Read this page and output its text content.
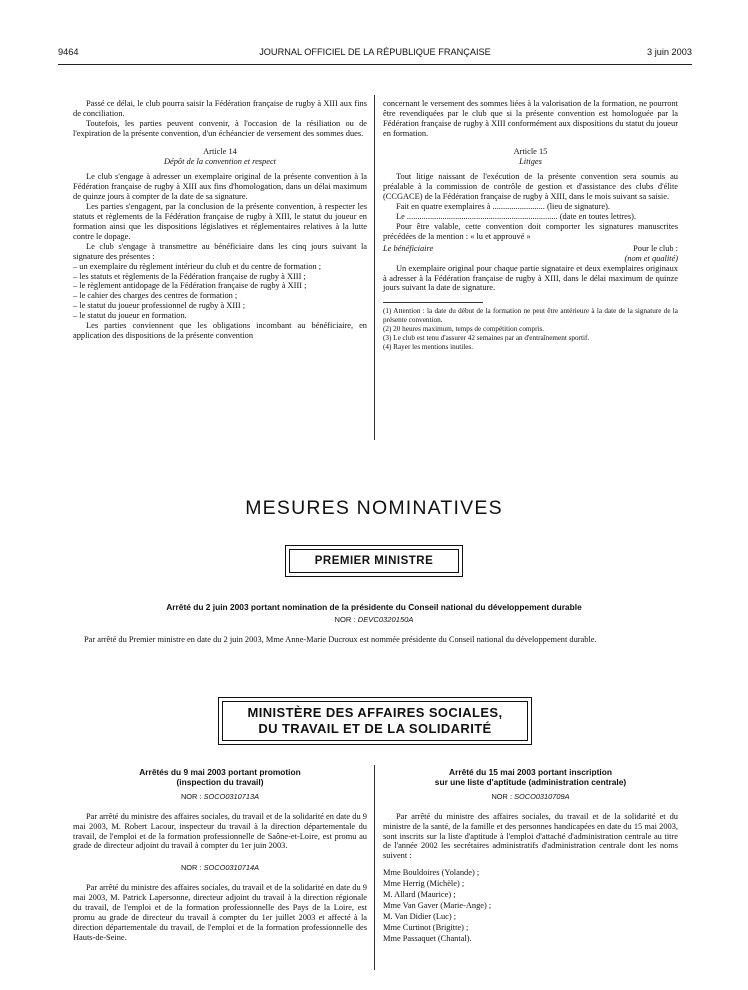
9464	JOURNAL OFFICIEL DE LA RÉPUBLIQUE FRANÇAISE	3 juin 2003

Passé ce délai, le club pourra saisir la Fédération française de rugby à XIII aux fins de conciliation.

Toutefois, les parties peuvent convenir, à l'occasion de la résiliation ou de l'expiration de la présente convention, d'un échéancier de versement des sommes dues.

Article 14

Dépôt de la convention et respect

Le club s'engage à adresser un exemplaire original de la présente convention à la Fédération française de rugby à XIII aux fins d'homologation, dans un délai maximum de quinze jours à compter de la date de sa signature.

Les parties s'engagent, par la conclusion de la présente convention, à respecter les statuts et règlements de la Fédération française de rugby à XIII, le statut du joueur en formation ainsi que les dispositions législatives et réglementaires relatives à la lutte contre le dopage.

Le club s'engage à transmettre au bénéficiaire dans les cinq jours suivant la signature des présentes :

– un exemplaire du règlement intérieur du club et du centre de formation ;
– les statuts et règlements de la Fédération française de rugby à XIII ;
– le règlement antidopage de la Fédération française de rugby à XIII ;
– le cahier des charges des centres de formation ;
– le statut du joueur professionnel de rugby à XIII ;
– le statut du joueur en formation.

Les parties conviennent que les obligations incombant au bénéficiaire, en application des dispositions de la présente convention

concernant le versement des sommes liées à la valorisation de la formation, ne pourront être revendiquées par le club que si la présente convention est homologuée par la Fédération française de rugby à XIII conformément aux dispositions du statut du joueur en formation.

Article 15

Litiges

Tout litige naissant de l'exécution de la présente convention sera soumis au préalable à la commission de contrôle de gestion et d'assistance des clubs d'élite (CCGACE) de la Fédération française de rugby à XIII, dans le mois suivant sa saisie.

Fait en quatre exemplaires à ......................... (lieu de signature).

Le ........................................................................ (date en toutes lettres).

Pour être valable, cette convention doit comporter les signatures manuscrites précédées de la mention : « lu et approuvé »

Le bénéficiaire	Pour le club :
(nom et qualité)

Un exemplaire original pour chaque partie signataire et deux exemplaires originaux à adresser à la Fédération française de rugby à XIII, dans le délai maximum de quinze jours suivant la date de signature.

(1) Attention : la date du début de la formation ne peut être antérieure à la date de la signature de la présente convention.

(2) 20 heures maximum, temps de compétition compris.

(3) Le club est tenu d'assurer 42 semaines par an d'entraînement sportif.

(4) Rayer les mentions inutiles.

MESURES NOMINATIVES
PREMIER MINISTRE
Arrêté du 2 juin 2003 portant nomination de la présidente du Conseil national du développement durable
NOR : DEVC0320150A
Par arrêté du Premier ministre en date du 2 juin 2003, Mme Anne-Marie Ducroux est nommée présidente du Conseil national du développement durable.
MINISTÈRE DES AFFAIRES SOCIALES,
DU TRAVAIL ET DE LA SOLIDARITÉ

Arrêtés du 9 mai 2003 portant promotion

(inspection du travail)

NOR : SOCO0310713A

Par arrêté du ministre des affaires sociales, du travail et de la solidarité en date du 9 mai 2003, M. Robert Lacour, inspecteur du travail à la direction départementale du travail, de l'emploi et de la formation professionnelle de Saône-et-Loire, est promu au grade de directeur adjoint du travail à compter du 1er juin 2003.

NOR : SOCO0310714A

Par arrêté du ministre des affaires sociales, du travail et de la solidarité en date du 9 mai 2003, M. Patrick Lapersonne, directeur adjoint du travail à la direction régionale du travail, de l'emploi et de la formation professionnelle des Pays de la Loire, est promu au grade de directeur du travail à compter du 1er juillet 2003 et affecté à la direction départementale du travail, de l'emploi et de la formation professionnelle des Hauts-de-Seine.

Arrêté du 15 mai 2003 portant inscription

sur une liste d'aptitude (administration centrale)

NOR : SOCO0310709A

Par arrêté du ministre des affaires sociales, du travail et de la solidarité et du ministre de la santé, de la famille et des personnes handicapées en date du 15 mai 2003, sont inscrits sur la liste d'aptitude à l'emploi d'attaché d'administration centrale au titre de l'année 2002 les secrétaires administratifs d'administration centrale dont les noms suivent :

Mme Bouldoires (Yolande) ;

Mme Herrig (Michèle) ;

M. Allard (Maurice) ;

Mme Van Gaver (Marie-Ange) ;

M. Van Didier (Luc) ;

Mme Curtinot (Brigitte) ;

Mme Passaquet (Chantal).
